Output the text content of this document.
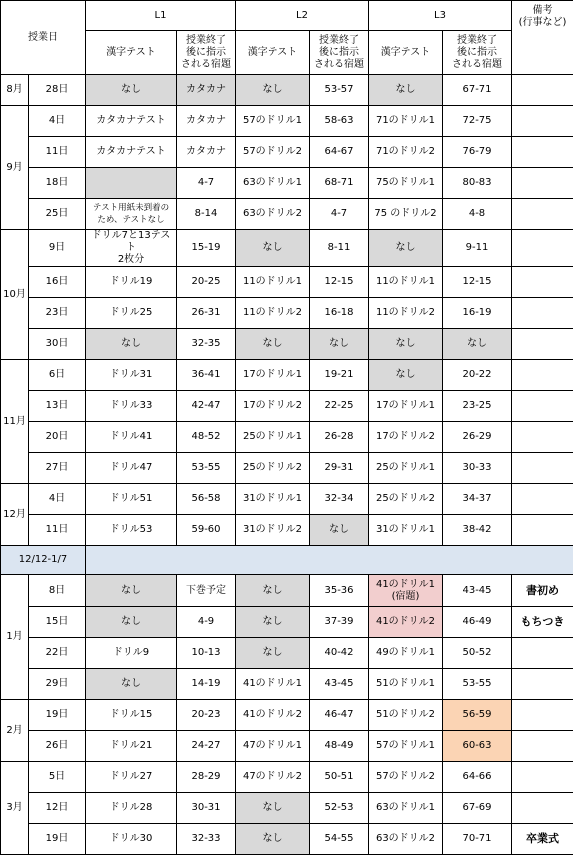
授業日		L1		L2		L3		備考
(行事など)
		漢字テスト	授業終了
後に指示
される宿題	漢字テスト	授業終了
後に指示
される宿題	漢字テスト	授業終了
後に指示
される宿題	
8月	28日	なし	カタカナ	なし	53-57	なし	67-71	
9月	4日	カタカナテスト	カタカナ	57のドリル1	58-63	71のドリル1	72-75	
	11日	カタカナテスト	カタカナ	57のドリル2	64-67	71のドリル2	76-79	
	18日		4-7	63のドリル1	68-71	75のドリル1	80-83	
	25日	テスト用紙未到着の
ため、テストなし	8-14	63のドリル2	4-7	75 のドリル2	4-8	
10月	9日	ドリル7と13テスト
2枚分	15-19	なし	8-11	なし	9-11	
	16日	ドリル19	20-25	11のドリル1	12-15	11のドリル1	12-15	
	23日	ドリル25	26-31	11のドリル2	16-18	11のドリル2	16-19	
	30日	なし	32-35	なし	なし	なし	なし	
11月	6日	ドリル31	36-41	17のドリル1	19-21	なし	20-22	
	13日	ドリル33	42-47	17のドリル2	22-25	17のドリル1	23-25	
	20日	ドリル41	48-52	25のドリル1	26-28	17のドリル2	26-29	
	27日	ドリル47	53-55	25のドリル2	29-31	25のドリル1	30-33	
12月	4日	ドリル51	56-58	31のドリル1	32-34	25のドリル2	34-37	
	11日	ドリル53	59-60	31のドリル2	なし	31のドリル1	38-42	
12/12-1/7								
1月	8日	なし	下巻予定	なし	35-36	41のドリル1
(宿題)	43-45	書初め
	15日	なし	4-9	なし	37-39	41のドリル2	46-49	もちつき
	22日	ドリル9	10-13	なし	40-42	49のドリル1	50-52	
	29日	なし	14-19	41のドリル1	43-45	51のドリル1	53-55	
2月	19日	ドリル15	20-23	41のドリル2	46-47	51のドリル2	56-59	
	26日	ドリル21	24-27	47のドリル1	48-49	57のドリル1	60-63	
3月	5日	ドリル27	28-29	47のドリル2	50-51	57のドリル2	64-66	
	12日	ドリル28	30-31	なし	52-53	63のドリル1	67-69	
	19日	ドリル30	32-33	なし	54-55	63のドリル2	70-71	卒業式
